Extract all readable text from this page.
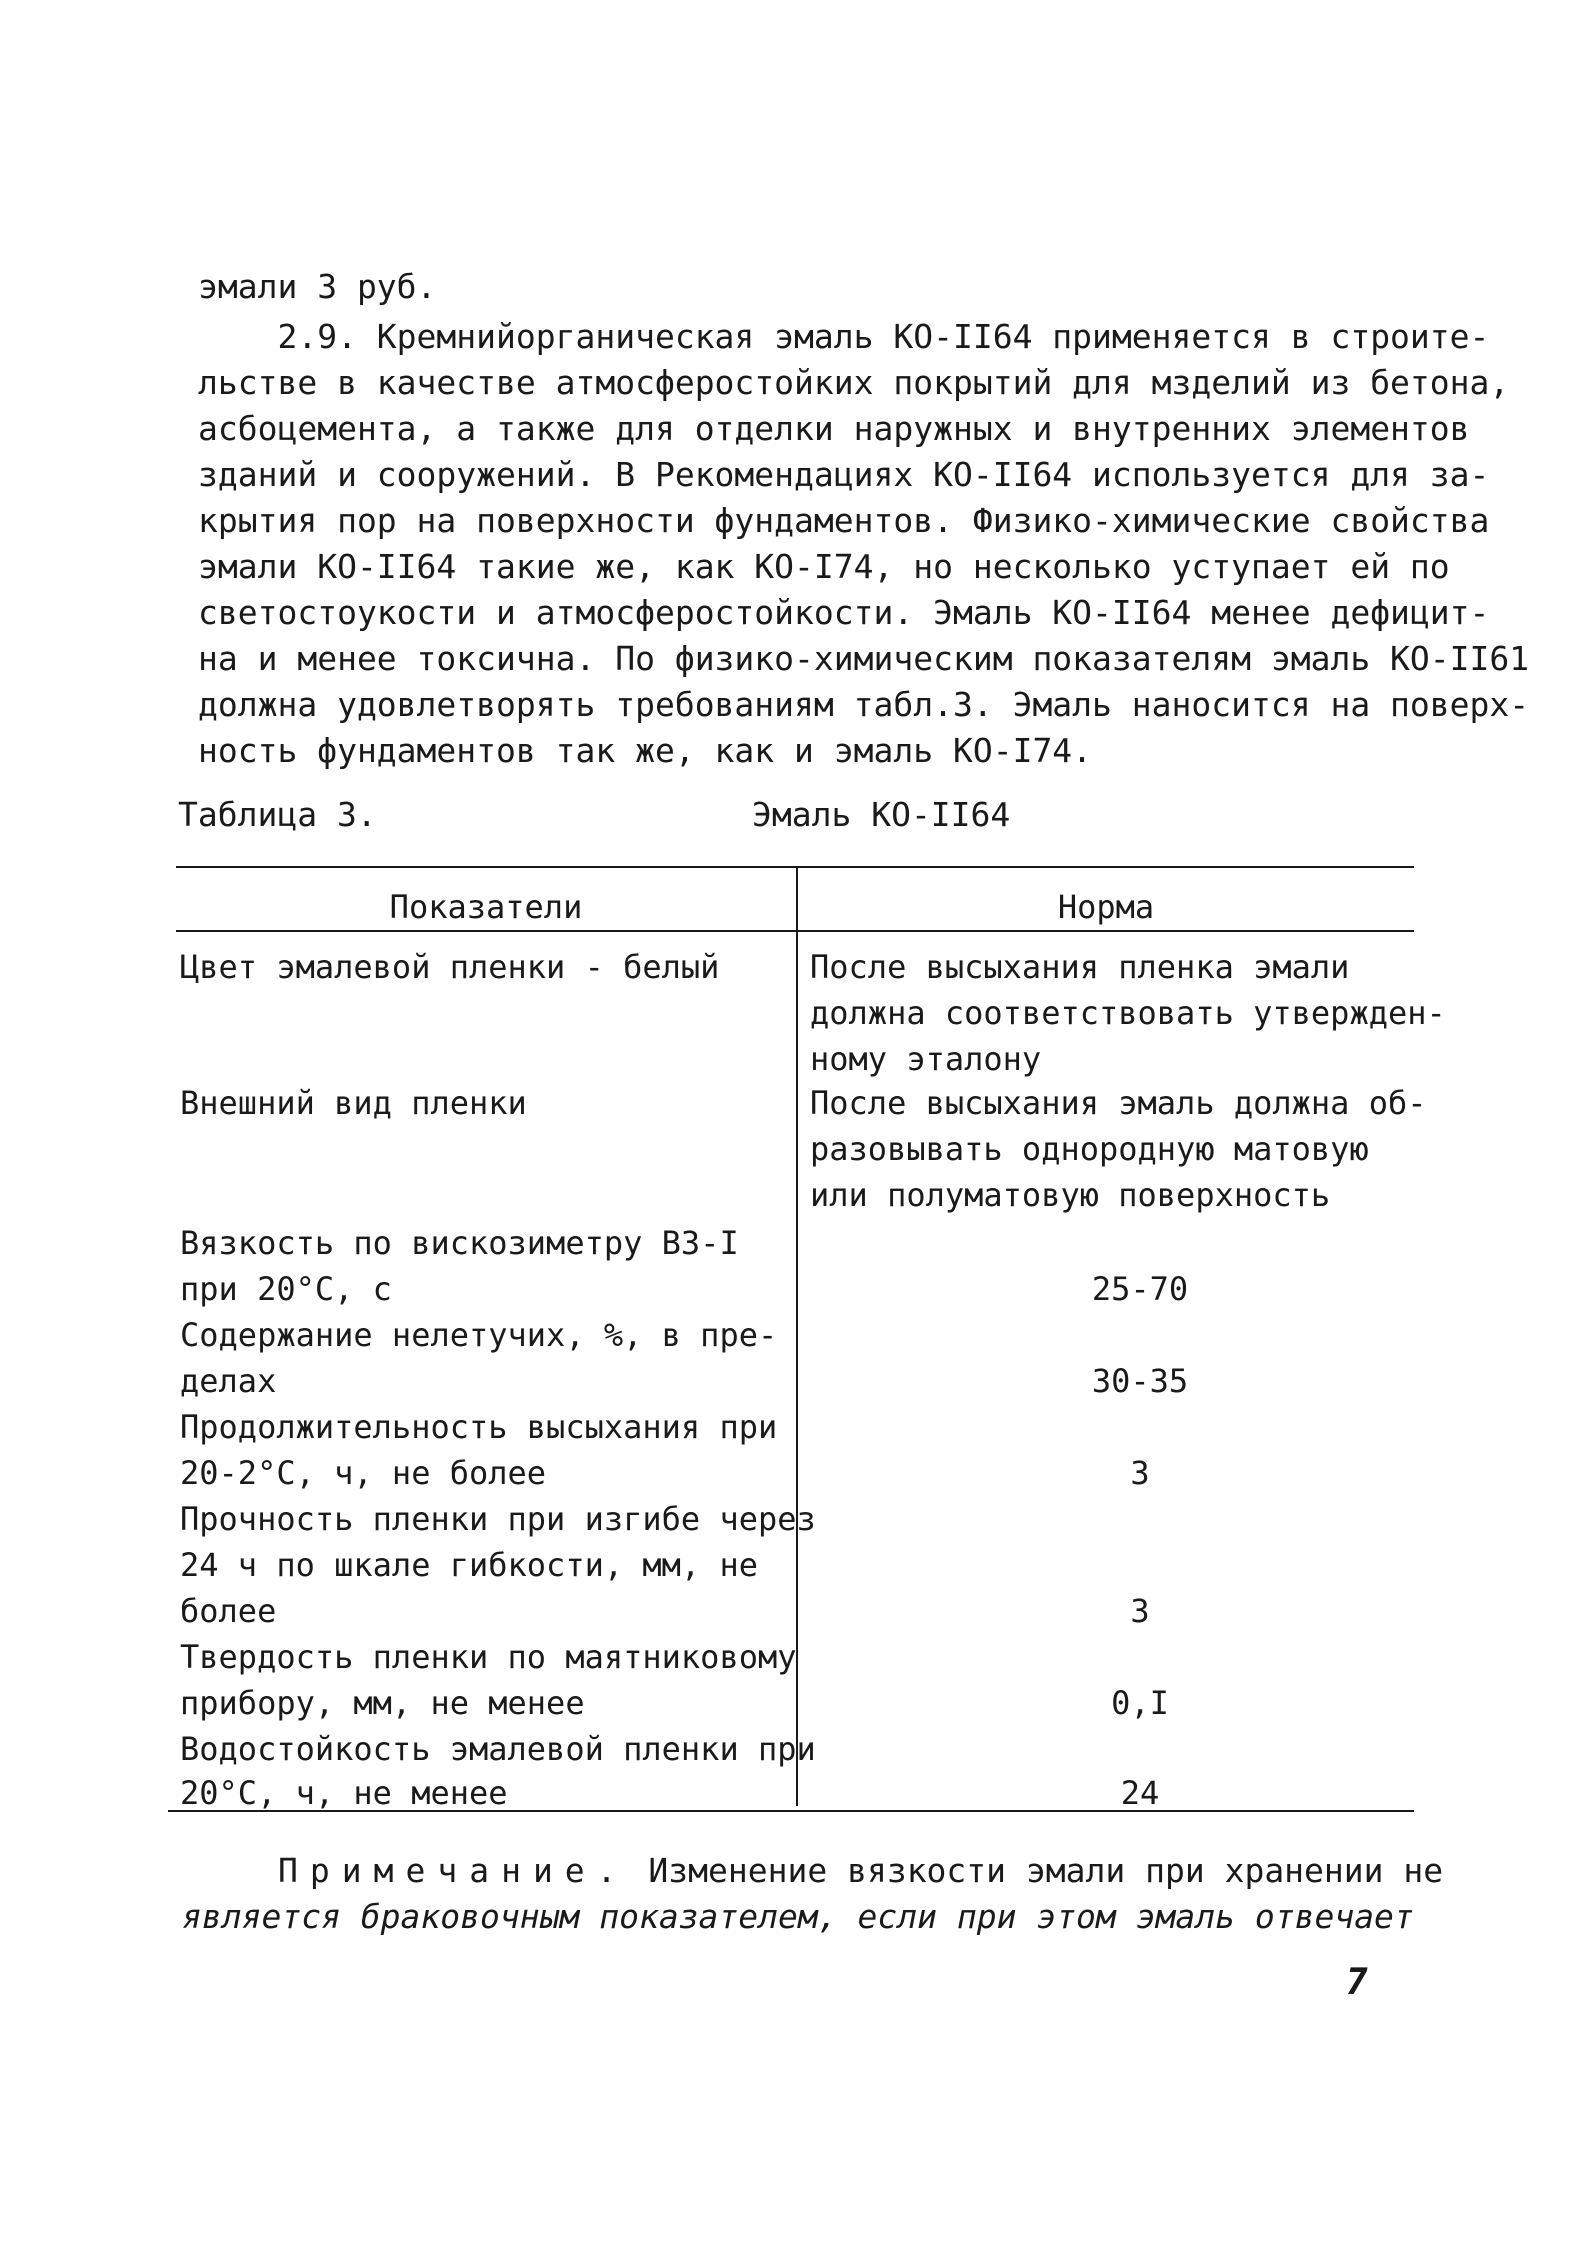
эмали 3 руб.
2.9. Кремнийорганическая эмаль КО-II64 применяется в строите-
льстве в качестве атмосферостойких покрытий для мзделий из бетона,
асбоцемента, а также для отделки наружных и внутренних элементов
зданий и сооружений. В Рекомендациях КО-II64 используется для за-
крытия пор на поверхности фундаментов. Физико-химические свойства
эмали КО-II64 такие же, как КО-I74, но несколько уступает ей по
светостоукости и атмосферостойкости. Эмаль КО-II64 менее дефицит-
на и менее токсична. По физико-химическим показателям эмаль КО-II61
должна удовлетворять требованиям табл.3. Эмаль наносится на поверх-
ность фундаментов так же, как и эмаль КО-I74.
Таблица 3.	Эмаль КО-II64
Показатели	Норма
Цвет эмалевой пленки - белый	После высыхания пленка эмали
должна соответствовать утвержден-
ному эталону
Внешний вид пленки	После высыхания эмаль должна об-
разовывать однородную матовую
или полуматовую поверхность
Вязкость по вискозиметру ВЗ-I
при 20°С, с	25-70
Содержание нелетучих, %, в пре-
делах	30-35
Продолжительность высыхания при
20-2°С, ч, не более	3
Прочность пленки при изгибе через
24 ч по шкале гибкости, мм, не
более	3
Твердость пленки по маятниковому
прибору, мм, не менее	0,I
Водостойкость эмалевой пленки при
20°С, ч, не менее	24
Примечание. Изменение вязкости эмали при хранении не
является браковочным показателем, если при этом эмаль отвечает
7
